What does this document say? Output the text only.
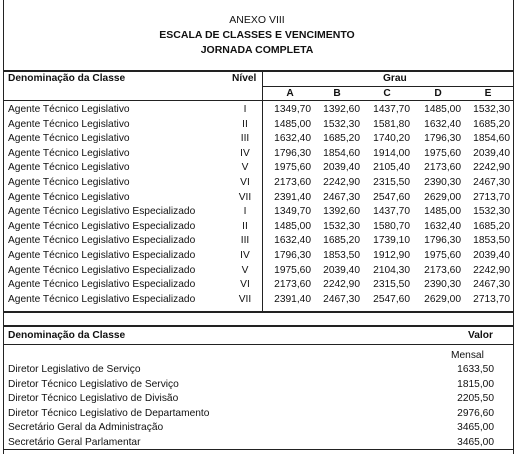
ANEXO VIII
ESCALA DE CLASSES E VENCIMENTO
JORNADA COMPLETA
Denominação da Classe	Nível	Grau
A	B	C	D	E
Agente Técnico Legislativo	I	1349,70	1392,60	1437,70	1485,00	1532,30
Agente Técnico Legislativo	II	1485,00	1532,30	1581,80	1632,40	1685,20
Agente Técnico Legislativo	III	1632,40	1685,20	1740,20	1796,30	1854,60
Agente Técnico Legislativo	IV	1796,30	1854,60	1914,00	1975,60	2039,40
Agente Técnico Legislativo	V	1975,60	2039,40	2105,40	2173,60	2242,90
Agente Técnico Legislativo	VI	2173,60	2242,90	2315,50	2390,30	2467,30
Agente Técnico Legislativo	VII	2391,40	2467,30	2547,60	2629,00	2713,70
Agente Técnico Legislativo Especializado	I	1349,70	1392,60	1437,70	1485,00	1532,30
Agente Técnico Legislativo Especializado	II	1485,00	1532,30	1580,70	1632,40	1685,20
Agente Técnico Legislativo Especializado	III	1632,40	1685,20	1739,10	1796,30	1853,50
Agente Técnico Legislativo Especializado	IV	1796,30	1853,50	1912,90	1975,60	2039,40
Agente Técnico Legislativo Especializado	V	1975,60	2039,40	2104,30	2173,60	2242,90
Agente Técnico Legislativo Especializado	VI	2173,60	2242,90	2315,50	2390,30	2467,30
Agente Técnico Legislativo Especializado	VII	2391,40	2467,30	2547,60	2629,00	2713,70
Denominação da Classe	Valor
Mensal
Diretor Legislativo de Serviço	1633,50
Diretor Técnico Legislativo de Serviço	1815,00
Diretor Técnico Legislativo de Divisão	2205,50
Diretor Técnico Legislativo de Departamento	2976,60
Secretário Geral da Administração	3465,00
Secretário Geral Parlamentar	3465,00
